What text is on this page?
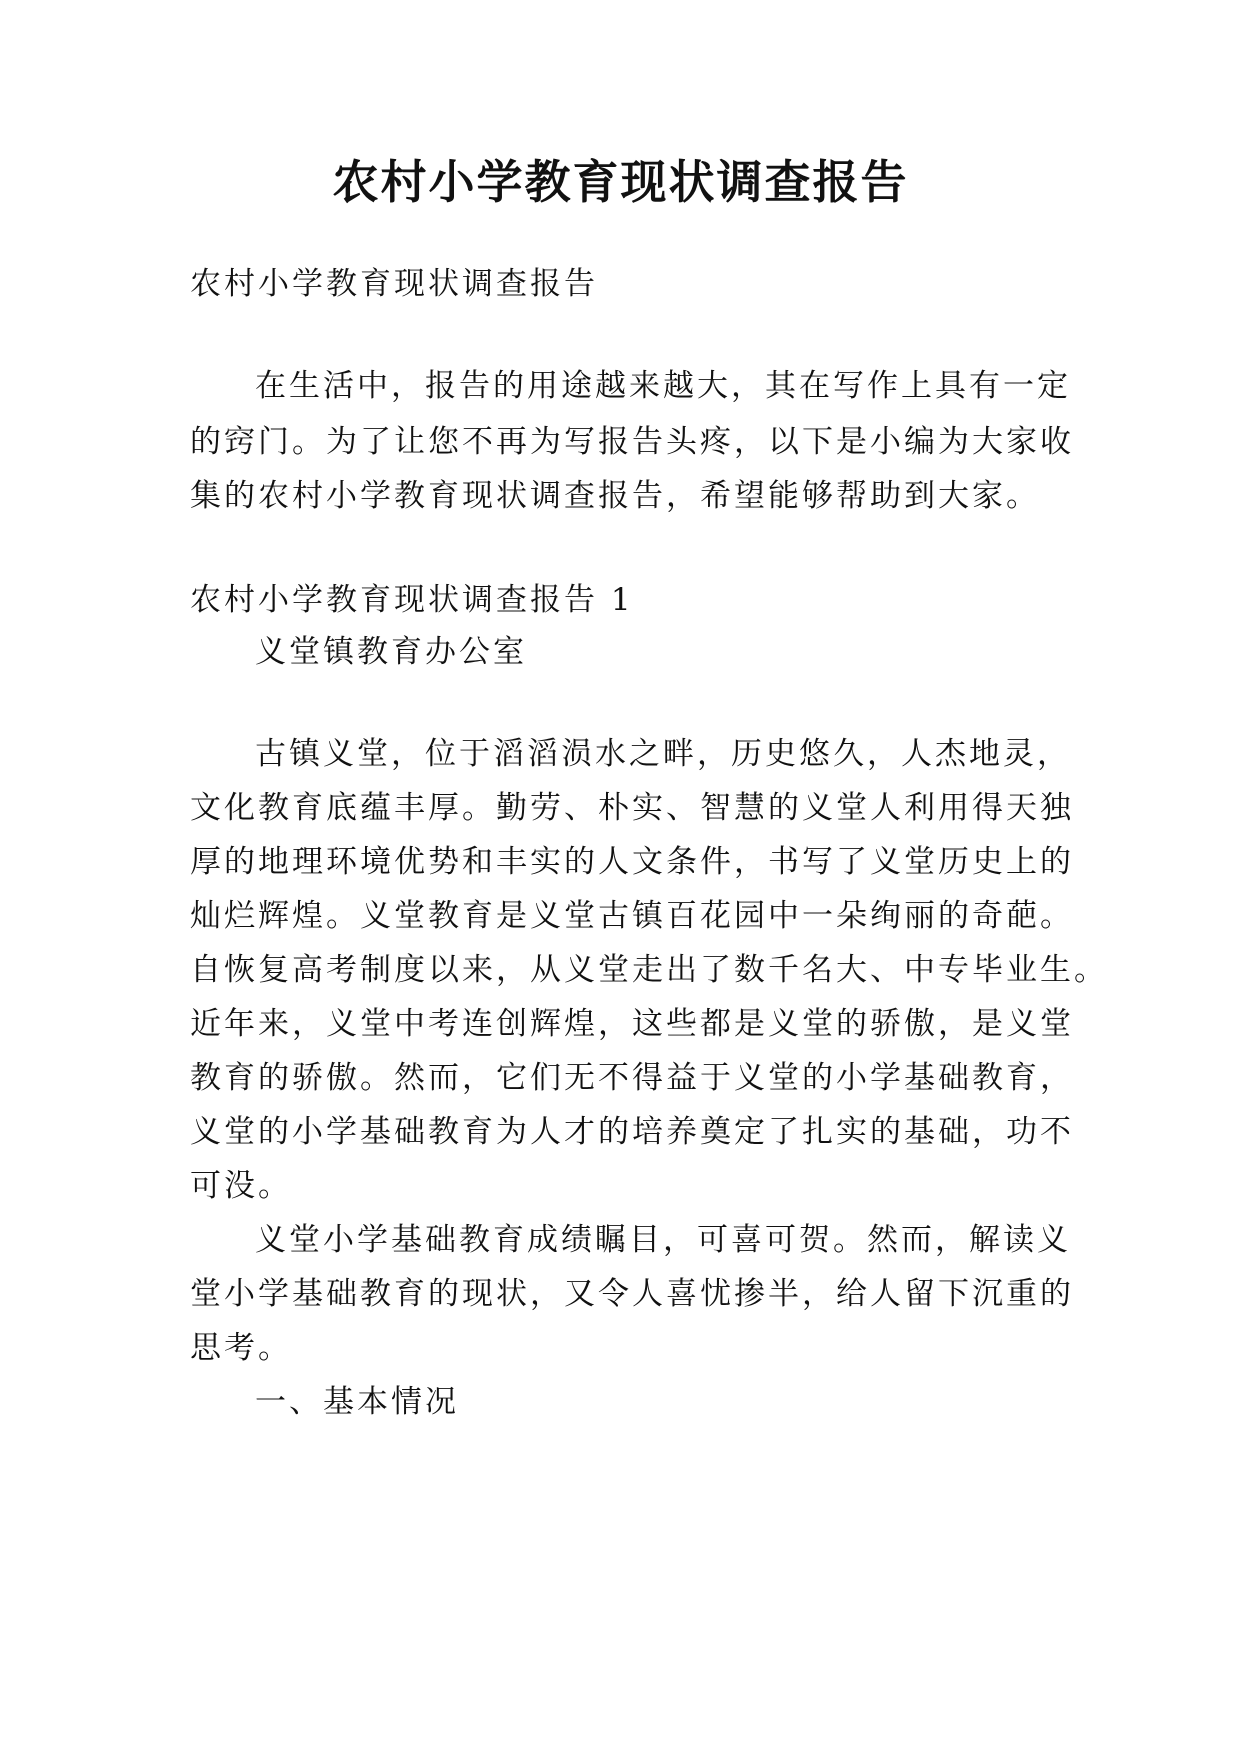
农村小学教育现状调查报告

农村小学教育现状调查报告

在生活中，报告的用途越来越大，其在写作上具有一定

的窍门。为了让您不再为写报告头疼，以下是小编为大家收

集的农村小学教育现状调查报告，希望能够帮助到大家。

农村小学教育现状调查报告 1

义堂镇教育办公室

古镇义堂，位于滔滔涢水之畔，历史悠久，人杰地灵，

文化教育底蕴丰厚。勤劳、朴实、智慧的义堂人利用得天独

厚的地理环境优势和丰实的人文条件，书写了义堂历史上的

灿烂辉煌。义堂教育是义堂古镇百花园中一朵绚丽的奇葩。

自恢复高考制度以来，从义堂走出了数千名大、中专毕业生。

近年来，义堂中考连创辉煌，这些都是义堂的骄傲，是义堂

教育的骄傲。然而，它们无不得益于义堂的小学基础教育，

义堂的小学基础教育为人才的培养奠定了扎实的基础，功不

可没。

义堂小学基础教育成绩瞩目，可喜可贺。然而，解读义

堂小学基础教育的现状，又令人喜忧掺半，给人留下沉重的

思考。

一、基本情况
